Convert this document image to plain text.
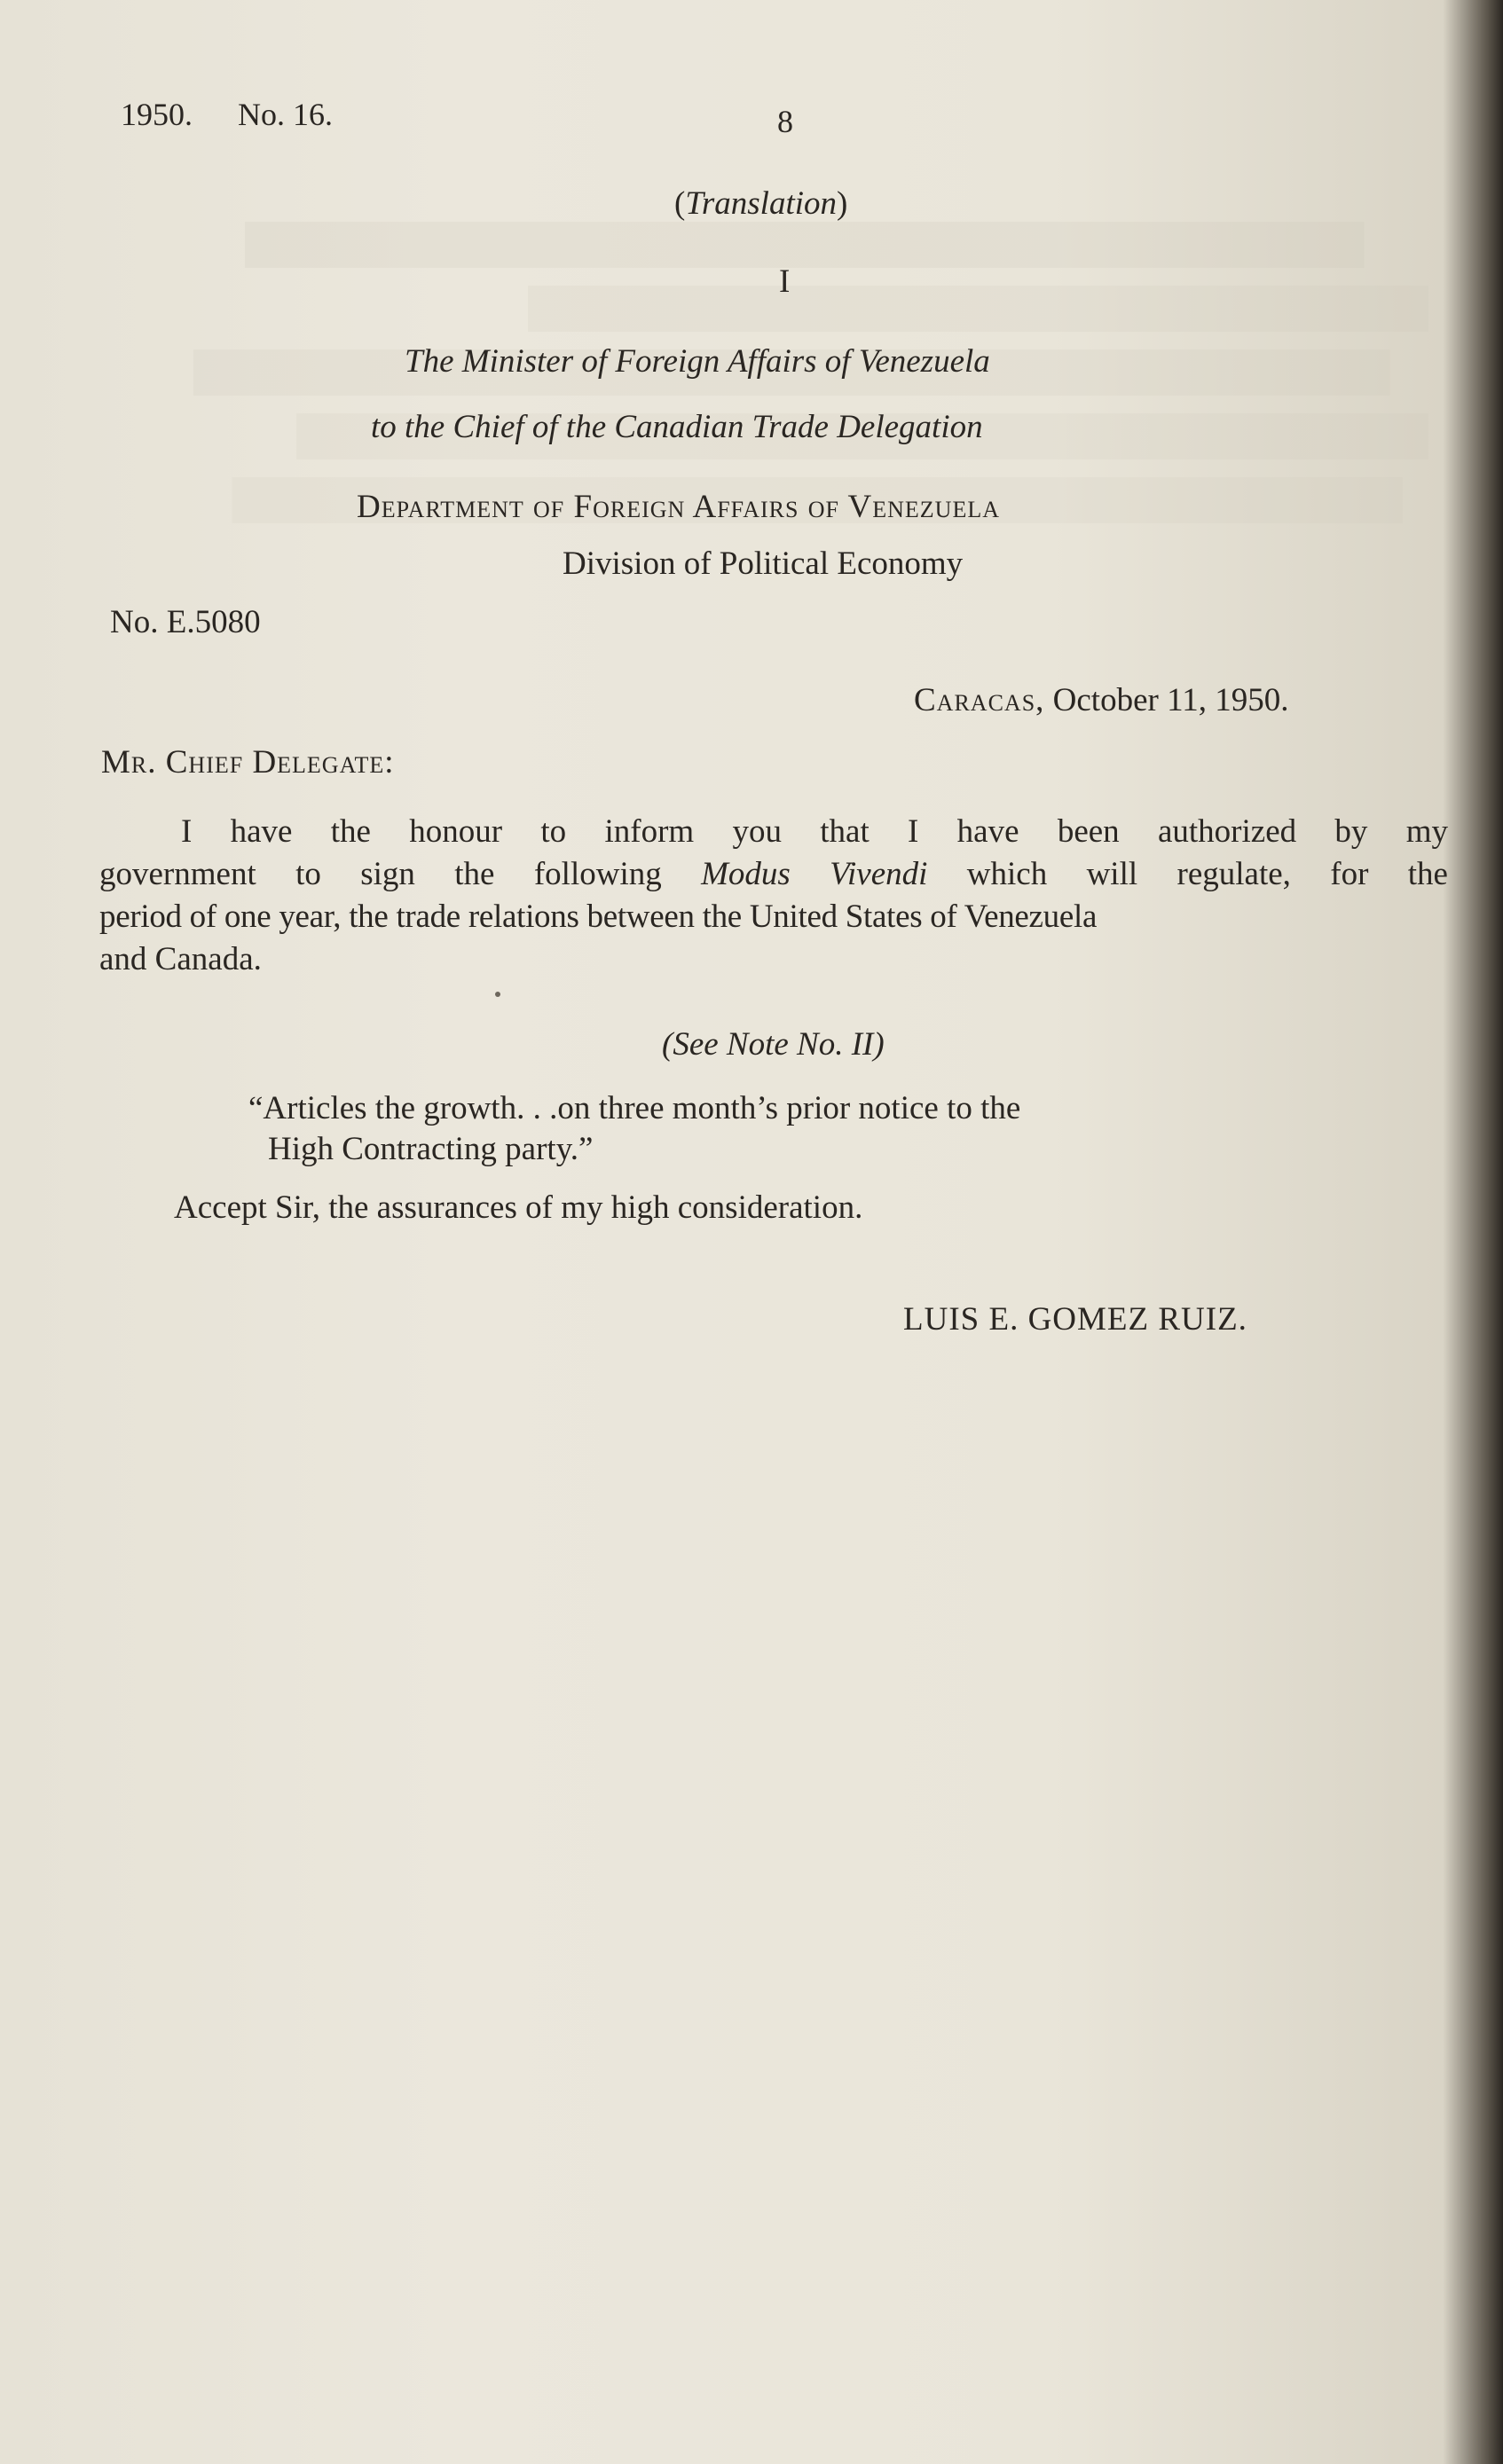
1950. No. 16.	8
(Translation)
I
The Minister of Foreign Affairs of Venezuela
to the Chief of the Canadian Trade Delegation
Department of Foreign Affairs of Venezuela
Division of Political Economy
No. E.5080
Caracas, October 11, 1950.
Mr. Chief Delegate:
I have the honour to inform you that I have been authorized by my
government to sign the following Modus Vivendi which will regulate, for the
period of one year, the trade relations between the United States of Venezuela
and Canada.
(See Note No. II)
“Articles the growth. . .on three month’s prior notice to the
High Contracting party.”
Accept Sir, the assurances of my high consideration.
LUIS E. GOMEZ RUIZ.
